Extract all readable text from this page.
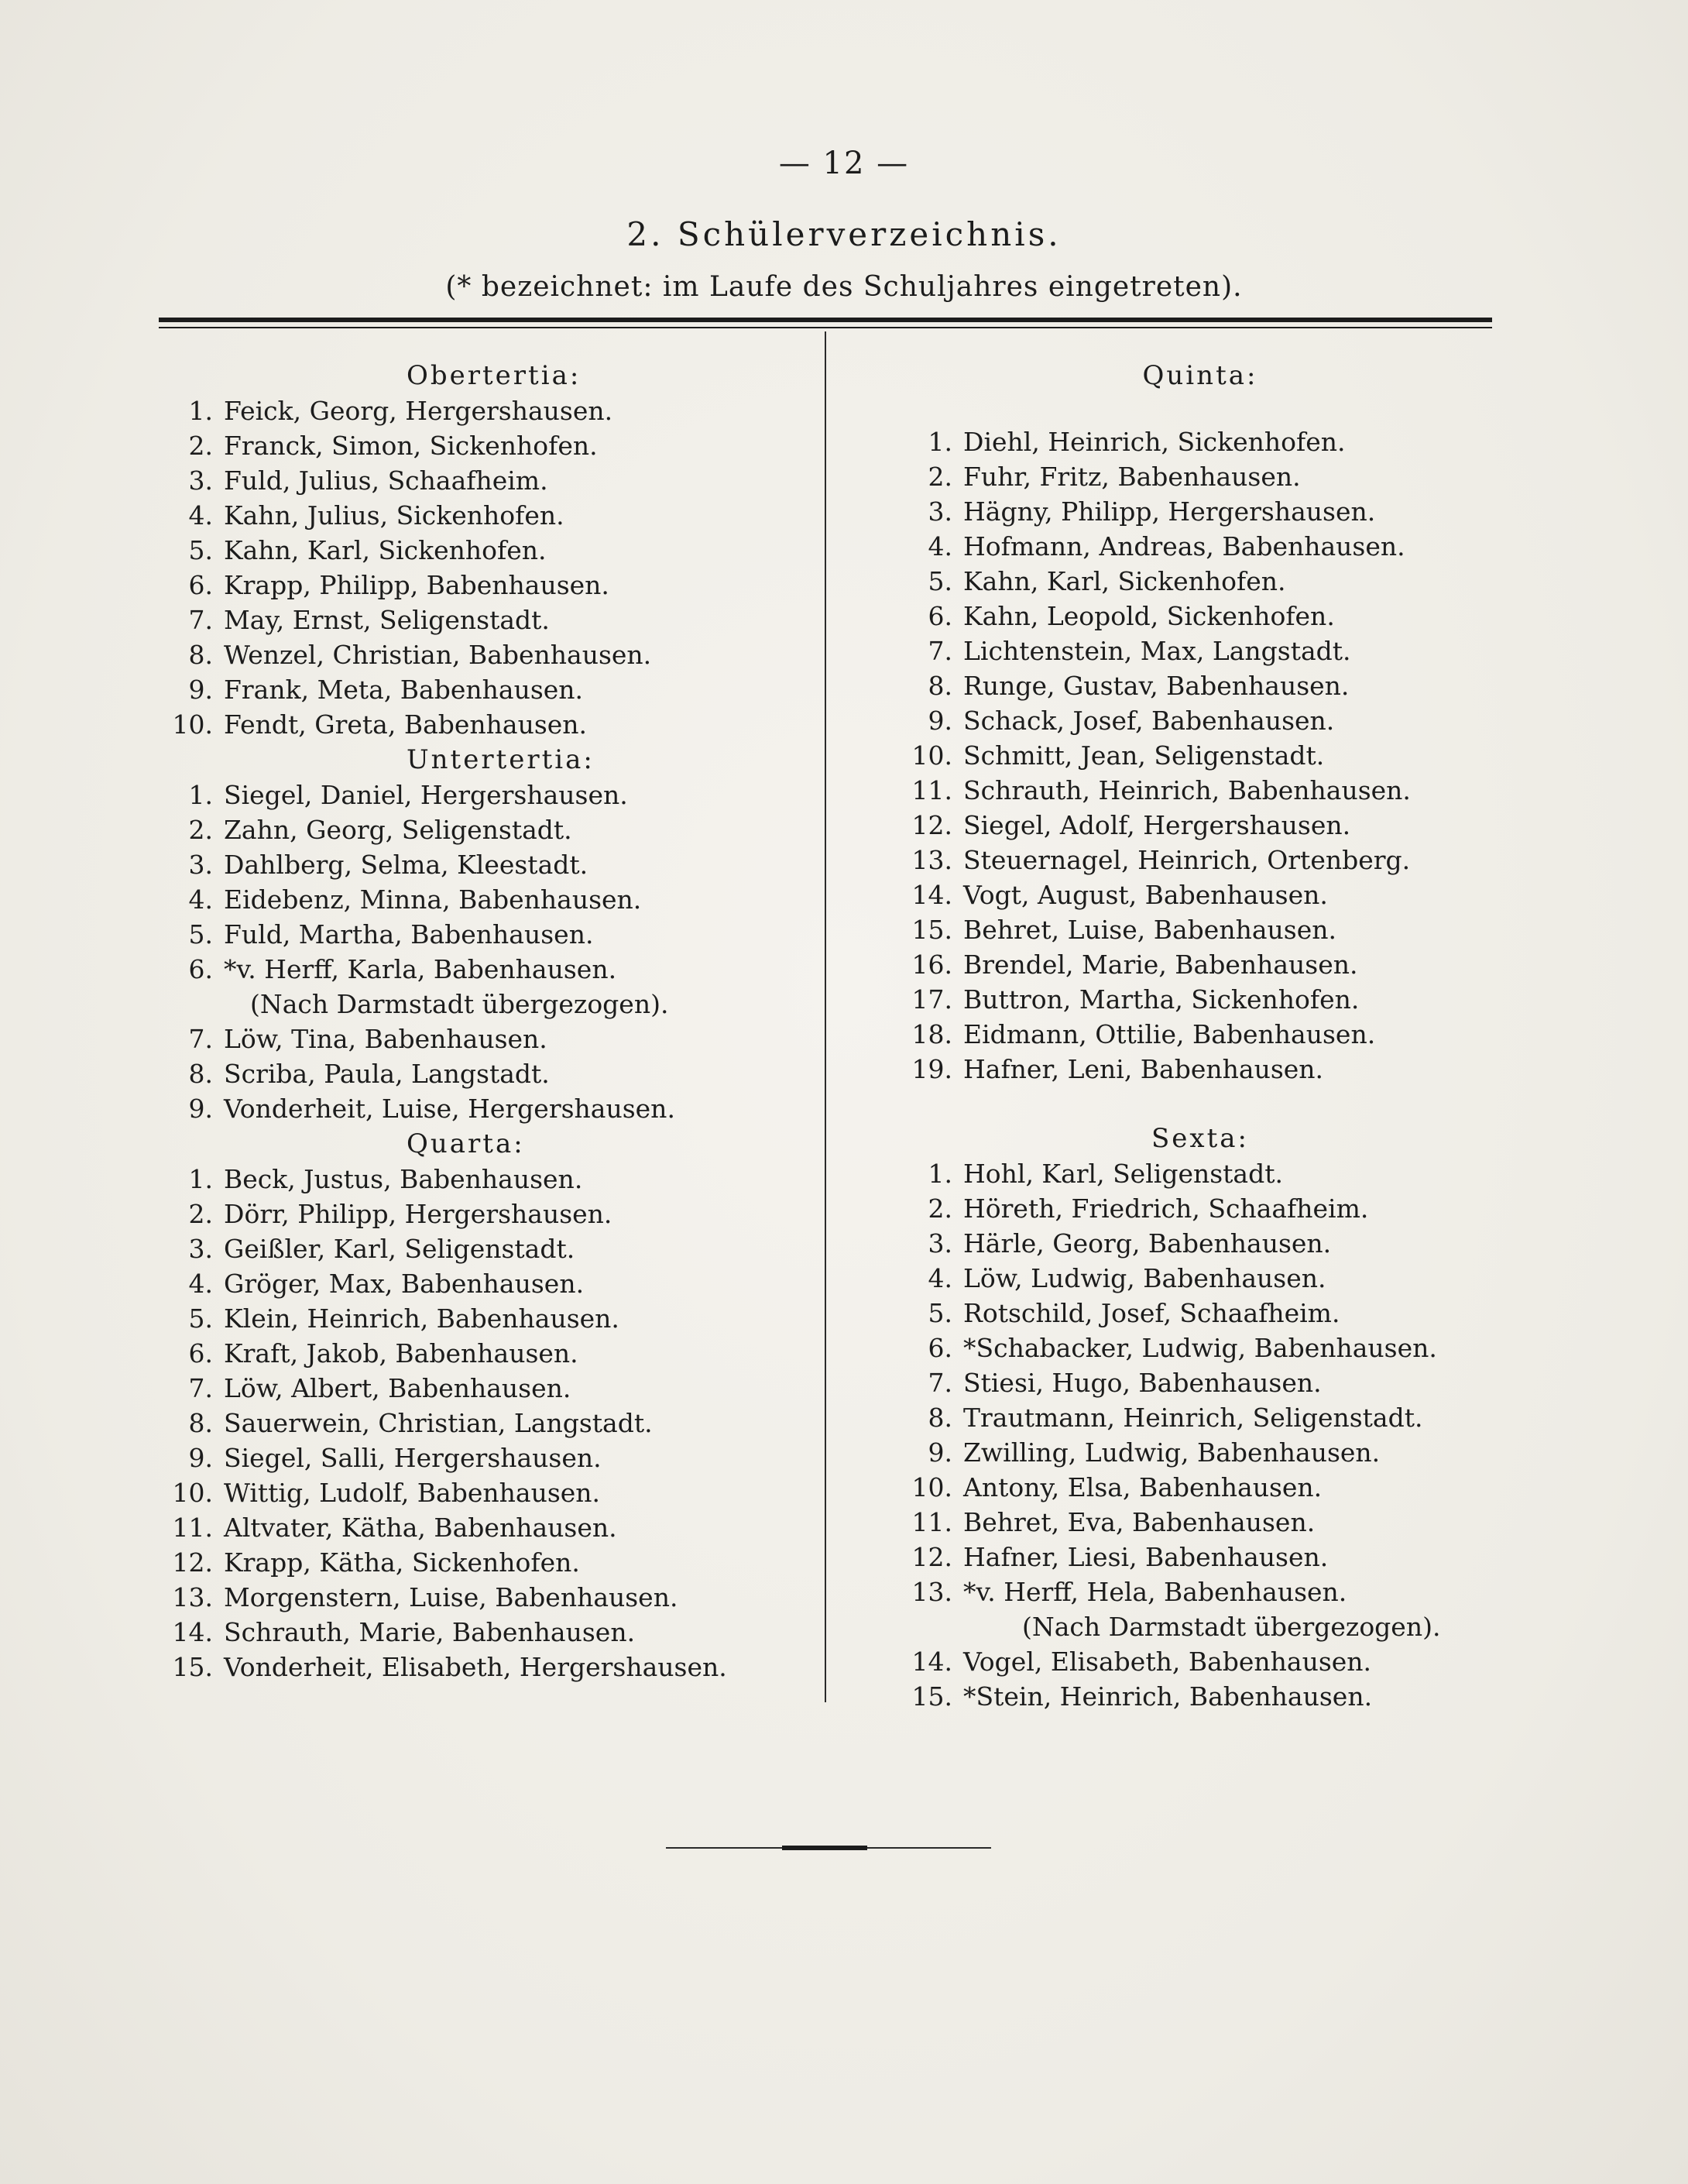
— 12 —
2. Schülerverzeichnis.
(* bezeichnet: im Laufe des Schuljahres eingetreten).
Obertertia:
1. Feick, Georg, Hergershausen.
2. Franck, Simon, Sickenhofen.
3. Fuld, Julius, Schaafheim.
4. Kahn, Julius, Sickenhofen.
5. Kahn, Karl, Sickenhofen.
6. Krapp, Philipp, Babenhausen.
7. May, Ernst, Seligenstadt.
8. Wenzel, Christian, Babenhausen.
9. Frank, Meta, Babenhausen.
10. Fendt, Greta, Babenhausen.
Untertertia:
1. Siegel, Daniel, Hergershausen.
2. Zahn, Georg, Seligenstadt.
3. Dahlberg, Selma, Kleestadt.
4. Eidebenz, Minna, Babenhausen.
5. Fuld, Martha, Babenhausen.
6. *v. Herff, Karla, Babenhausen.
(Nach Darmstadt übergezogen).
7. Löw, Tina, Babenhausen.
8. Scriba, Paula, Langstadt.
9. Vonderheit, Luise, Hergershausen.
Quarta:
1. Beck, Justus, Babenhausen.
2. Dörr, Philipp, Hergershausen.
3. Geißler, Karl, Seligenstadt.
4. Gröger, Max, Babenhausen.
5. Klein, Heinrich, Babenhausen.
6. Kraft, Jakob, Babenhausen.
7. Löw, Albert, Babenhausen.
8. Sauerwein, Christian, Langstadt.
9. Siegel, Salli, Hergershausen.
10. Wittig, Ludolf, Babenhausen.
11. Altvater, Kätha, Babenhausen.
12. Krapp, Kätha, Sickenhofen.
13. Morgenstern, Luise, Babenhausen.
14. Schrauth, Marie, Babenhausen.
15. Vonderheit, Elisabeth, Hergershausen.
Quinta:
1. Diehl, Heinrich, Sickenhofen.
2. Fuhr, Fritz, Babenhausen.
3. Hägny, Philipp, Hergershausen.
4. Hofmann, Andreas, Babenhausen.
5. Kahn, Karl, Sickenhofen.
6. Kahn, Leopold, Sickenhofen.
7. Lichtenstein, Max, Langstadt.
8. Runge, Gustav, Babenhausen.
9. Schack, Josef, Babenhausen.
10. Schmitt, Jean, Seligenstadt.
11. Schrauth, Heinrich, Babenhausen.
12. Siegel, Adolf, Hergershausen.
13. Steuernagel, Heinrich, Ortenberg.
14. Vogt, August, Babenhausen.
15. Behret, Luise, Babenhausen.
16. Brendel, Marie, Babenhausen.
17. Buttron, Martha, Sickenhofen.
18. Eidmann, Ottilie, Babenhausen.
19. Hafner, Leni, Babenhausen.
Sexta:
1. Hohl, Karl, Seligenstadt.
2. Höreth, Friedrich, Schaafheim.
3. Härle, Georg, Babenhausen.
4. Löw, Ludwig, Babenhausen.
5. Rotschild, Josef, Schaafheim.
6. *Schabacker, Ludwig, Babenhausen.
7. Stiesi, Hugo, Babenhausen.
8. Trautmann, Heinrich, Seligenstadt.
9. Zwilling, Ludwig, Babenhausen.
10. Antony, Elsa, Babenhausen.
11. Behret, Eva, Babenhausen.
12. Hafner, Liesi, Babenhausen.
13. *v. Herff, Hela, Babenhausen.
(Nach Darmstadt übergezogen).
14. Vogel, Elisabeth, Babenhausen.
15. *Stein, Heinrich, Babenhausen.
